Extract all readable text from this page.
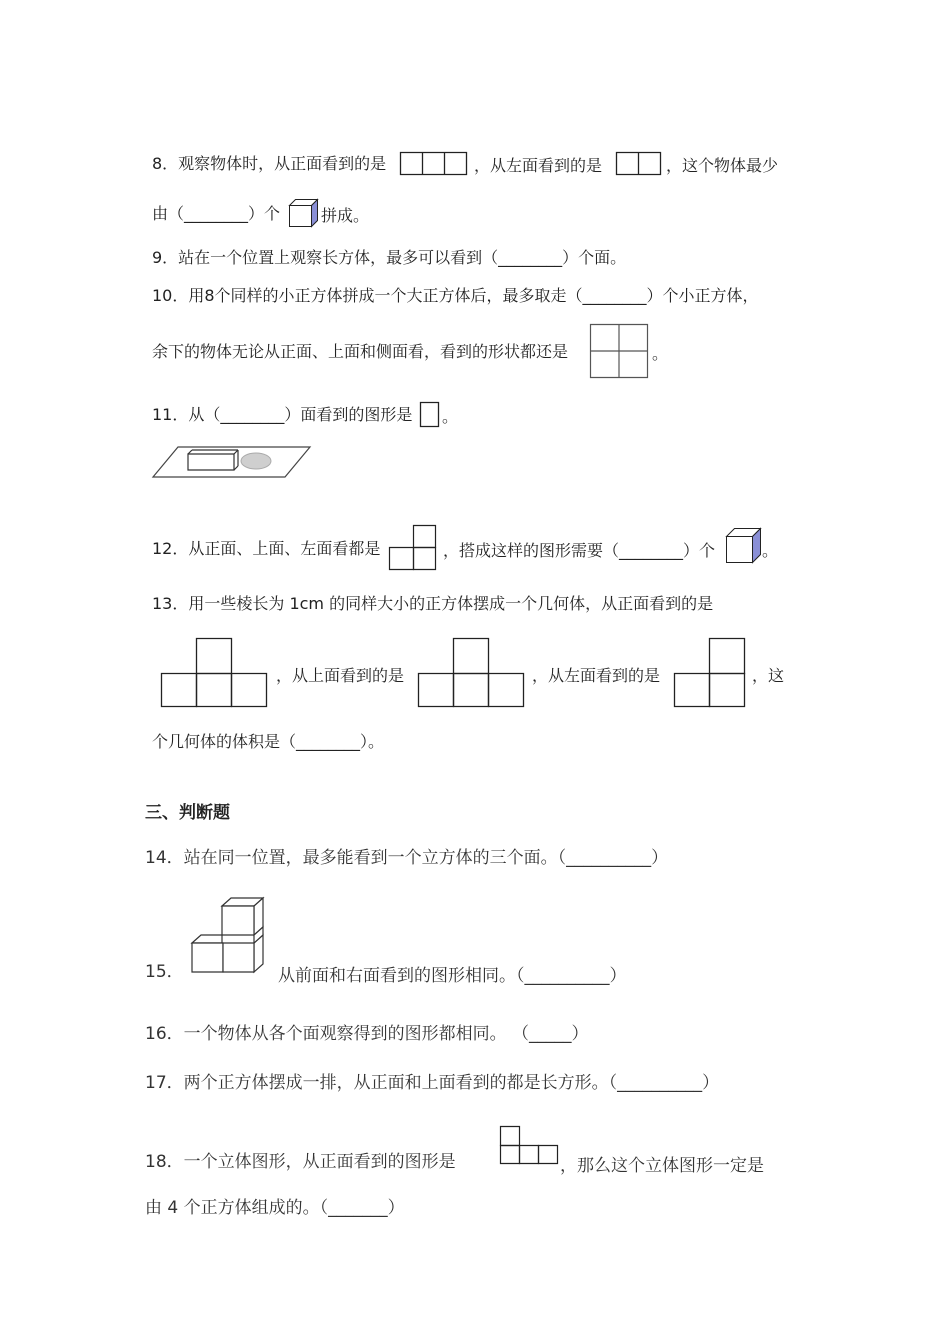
8．观察物体时，从正面看到的是	，从左面看到的是	，这个物体最少
由（________）个	拼成。
9．站在一个位置上观察长方体，最多可以看到（________）个面。
10．用8个同样的小正方体拼成一个大正方体后，最多取走（________）个小正方体，
余下的物体无论从正面、上面和侧面看，看到的形状都还是	。
11．从（________）面看到的图形是 。
12．从正面、上面、左面看都是	，搭成这样的图形需要（________）个	。
13．用一些棱长为 1cm 的同样大小的正方体摆成一个几何体，从正面看到的是
，从上面看到的是	，从左面看到的是	，这
个几何体的体积是（________）。
三、判断题
14．站在同一位置，最多能看到一个立方体的三个面。（__________）
15．	从前面和右面看到的图形相同。（__________）
16．一个物体从各个面观察得到的图形都相同。 （_____）
17．两个正方体摆成一排，从正面和上面看到的都是长方形。（__________）
18．一个立体图形，从正面看到的图形是	，那么这个立体图形一定是
由 4 个正方体组成的。（_______）
